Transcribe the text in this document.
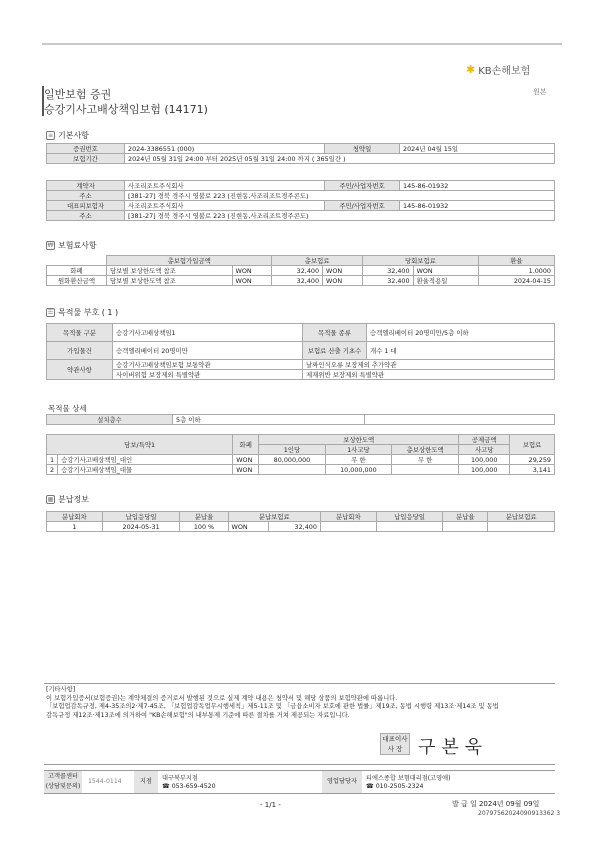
✱ KB손해보험
원본
일반보험 증권
승강기사고배상책임보험 (14171)
≡ 기본사항
증권번호	2024-3386551 (000)	청약일	2024년 04월 15일
보험기간	2024년 05월 31일 24:00 부터 2025년 05월 31일 24:00 까지 ( 365일간 )		
계약자	사조리조트주식회사	주민/사업자번호	145-86-01932
주소	[381-27] 경북 경주시 영불로 223 (진현동,사조리조트경주콘도)		
대표피보험자	사조리조트주식회사	주민/사업자번호	145-86-01932
주소	[381-27] 경북 경주시 영불로 223 (진현동,사조리조트경주콘도)		
₩ 보험료사항
	총보험가입금액		총보험료		당회보험료		환율
화폐	담보별 보상한도액 참조	WON	32,400	WON	32,400	WON	1.0000
원화환산금액	담보별 보상한도액 참조	WON	32,400	WON	32,400	환율적용일	2024-04-15
☰ 목적물 부호 ( 1 )
목적물 구분	승강기사고배상책임1	목적물 종류	승객엘리베이터 20명미만/5층 이하
가입물건	승객엘리베이터 20명미만	보험료 산출 기초수	개수 1 대
약관사항	승강기사고배상책임보험 보통약관	날짜인식오류 보장제외 추가약관	
	사이버위험 보장제외 특별약관	제재위반 보장제외 특별약관	
목적물 상세
설치층수	5층 이하	
담보/특약1		화폐	보상한도액			공제금액	보험료
			1인당	1사고당	총보상한도액	사고당	
1	승강기사고배상책임_대인	WON	80,000,000	무 한	무 한	100,000	29,259
2	승강기사고배상책임_대물	WON		10,000,000		100,000	3,141
▦ 분납정보
분납회차	납입응당일	분납율	분납보험료		분납회차	납입응당일	분납율	분납보험료
1	2024-05-31	100 %	WON	32,400				
[기타사항]
이 보험가입증서(보험증권)는 계약체결의 증거로서 발행된 것으로 실제 계약 내용은 청약서 및 해당 상품의 보험약관에 따릅니다.
「보험업감독규정, 제4-35조의2·제7-45조, 「보험업감독업무시행세칙」제5-11조 및 「금융소비자 보호에 관한 법률」제19조, 동법 시행령 제13조·제14조 및 동법
감독규정 제12조·제13조에 의거하여 "KB손해보험"의 내부통제 기준에 따른 절차를 거쳐 제공되는 자료입니다.
대표이사
사 장 구본욱
고객콜센터
(상담및문의)
1544-0114	지점	대구북부지점
☎ 053-659-4520
영업담당자	티에스종합 보험대리점(고영애)
☎ 010-2505-2324
- 1/1 -	발 급 일 2024년 09월 09일
20797562024090913362 3
